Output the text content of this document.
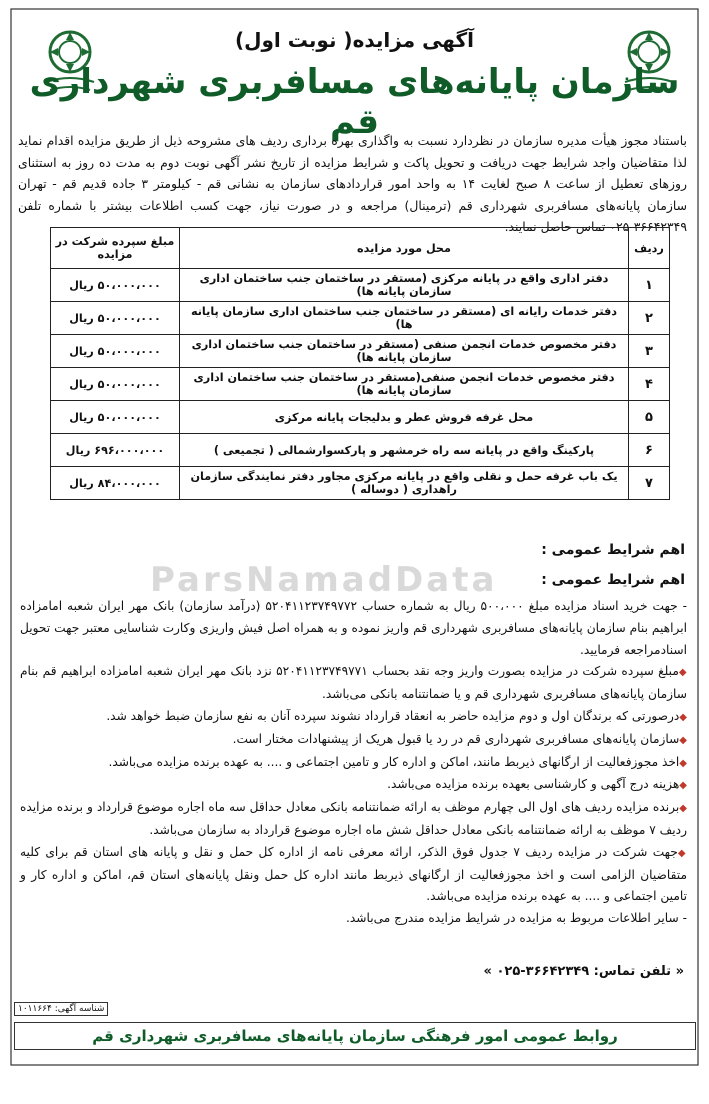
ParsNamadData
آگهی مزایده( نوبت اول)
سازمان پایانه‌های مسافربری شهرداری قم
باستناد مجوز هیأت مدیره سازمان در نظردارد نسبت به واگذاری بهره برداری ردیف های مشروحه ذیل از طریق مزایده اقدام نماید لذا متقاضیان واجد شرایط جهت دریافت و تحویل پاکت و شرایط مزایده از تاریخ نشر آگهی نوبت دوم به مدت ده روز به استثنای روزهای تعطیل از ساعت ۸ صبح لغایت ۱۴ به واحد امور قراردادهای سازمان به نشانی قم - کیلومتر ۳ جاده قدیم قم - تهران سازمان پایانه‌های مسافربری شهرداری قم (ترمینال) مراجعه و در صورت نیاز، جهت کسب اطلاعات بیشتر با شماره تلفن ۳۶۶۴۲۳۴۹-۰۲۵ تماس حاصل نمایند.
ردیف	محل مورد مزایده	مبلغ سپرده شرکت در مزایده
۱	دفتر اداری واقع در پایانه مرکزی (مستقر در ساختمان جنب ساختمان اداری سازمان پایانه ها)	۵۰،۰۰۰،۰۰۰ ریال
۲	دفتر خدمات رایانه ای (مستقر در ساختمان جنب ساختمان اداری سازمان پایانه ها)	۵۰،۰۰۰،۰۰۰ ریال
۳	دفتر مخصوص خدمات انجمن صنفی (مستقر در ساختمان جنب ساختمان اداری سازمان پایانه ها)	۵۰،۰۰۰،۰۰۰ ریال
۴	دفتر مخصوص خدمات انجمن صنفی(مستقر در ساختمان جنب ساختمان اداری سازمان پایانه ها)	۵۰،۰۰۰،۰۰۰ ریال
۵	محل غرفه فروش عطر و بدلیجات پایانه مرکزی	۵۰،۰۰۰،۰۰۰ ریال
۶	پارکینگ واقع در پایانه سه راه خرمشهر و پارکسوارشمالی ( تجمیعی )	۶۹۶،۰۰۰،۰۰۰ ریال
۷	یک باب غرفه حمل و نقلی واقع در پایانه مرکزی مجاور دفتر نمایندگی سازمان راهداری ( دوساله )	۸۴،۰۰۰،۰۰۰ ریال
اهم شرایط عمومی :
اهم شرایط عمومی :

- جهت خرید اسناد مزایده مبلغ ۵۰۰،۰۰۰ ریال به شماره حساب ۵۲۰۴۱۱۲۳۷۴۹۷۷۲ (درآمد سازمان) بانک مهر ایران شعبه امامزاده ابراهیم بنام سازمان پایانه‌های مسافربری شهرداری قم واریز نموده و به همراه اصل فیش واریزی وکارت شناسایی معتبر جهت تحویل اسنادمراجعه فرمایید.

◆مبلغ سپرده شرکت در مزایده بصورت واریز وجه نقد بحساب ۵۲۰۴۱۱۲۳۷۴۹۷۷۱ نزد بانک مهر ایران شعبه امامزاده ابراهیم قم بنام سازمان پایانه‌های مسافربری شهرداری قم و یا ضمانتنامه بانکی می‌باشد.

◆درصورتی که برندگان اول و دوم مزایده حاضر به انعقاد قرارداد نشوند سپرده آنان به نفع سازمان ضبط خواهد شد.

◆سازمان پایانه‌های مسافربری شهرداری قم در رد یا قبول هریک از پیشنهادات مختار است.

◆اخذ مجوزفعالیت از ارگانهای ذیربط مانند، اماکن و اداره کار و تامین اجتماعی و .... به عهده برنده مزایده می‌باشد.

◆هزینه درج آگهی و کارشناسی بعهده برنده مزایده می‌باشد.

◆برنده مزایده ردیف های اول الی چهارم موظف به ارائه ضمانتنامه بانکی معادل حداقل سه ماه اجاره موضوع قرارداد و برنده مزایده ردیف ۷ موظف به ارائه ضمانتنامه بانکی معادل حداقل شش ماه اجاره موضوع قرارداد به سازمان می‌باشد.

◆جهت شرکت در مزایده ردیف ۷ جدول فوق الذکر، ارائه معرفی نامه از اداره کل حمل و نقل و پایانه های استان قم برای کلیه متقاضیان الزامی است و اخذ مجوزفعالیت از ارگانهای ذیربط مانند اداره کل حمل ونقل پایانه‌های استان قم، اماکن و اداره کار و تامین اجتماعی و .... به عهده برنده مزایده می‌باشد.

- سایر اطلاعات مربوط به مزایده در شرایط مزایده مندرج می‌باشد.

« تلفن تماس: ۳۶۶۴۲۳۴۹-۰۲۵ »
شناسه آگهی: ۱۰۱۱۶۶۴
روابط عمومی امور فرهنگی سازمان پایانه‌های مسافربری شهرداری قم
